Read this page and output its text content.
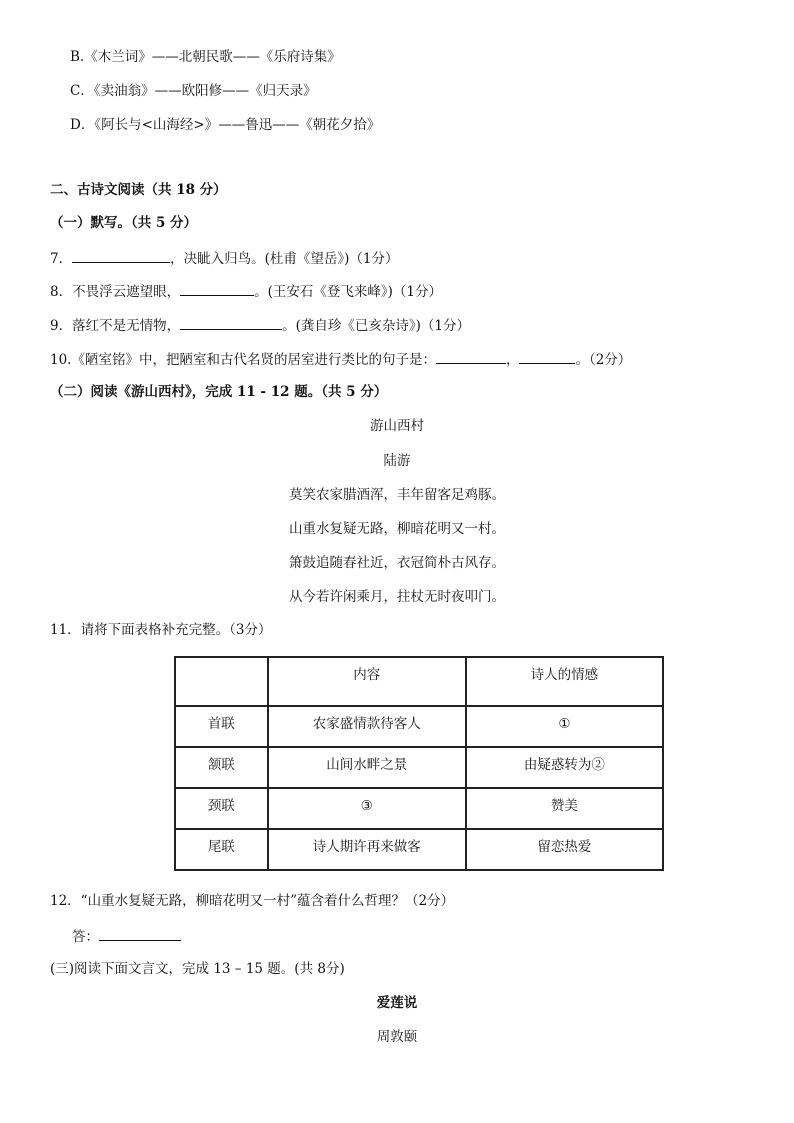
B.《木兰词》——北朝民歌——《乐府诗集》
C．《卖油翁》——欧阳修——《归天录》
D．《阿长与<山海经>》——鲁迅——《朝花夕拾》
二、古诗文阅读（共 18 分）
（一）默写。（共 5 分）
7．	，决眦入归鸟。(杜甫《望岳》)（1分）
8．不畏浮云遮望眼，	。(王安石《登飞来峰》)（1分）
9．落红不是无情物，	。(龚自珍《已亥杂诗》)（1分）
10.《陋室铭》中，把陋室和古代名贤的居室进行类比的句子是：	，	。（2分）
（二）阅读《游山西村》，完成 11 - 12 题。（共 5 分）
游山西村
陆游
莫笑农家腊酒浑，丰年留客足鸡豚。
山重水复疑无路，柳暗花明又一村。
箫鼓追随春社近，衣冠简朴古风存。
从今若许闲乘月，拄杖无时夜叩门。
11．请将下面表格补充完整。（3分）
	内容	诗人的情感
首联	农家盛情款待客人	①
颔联	山间水畔之景	由疑惑转为②
颈联	③	赞美
尾联	诗人期许再来做客	留恋热爱
12．“山重水复疑无路，柳暗花明又一村”蕴含着什么哲理？（2分）
答：
(三)阅读下面文言文，完成 13 – 15 题。(共 8分)
爱莲说
周敦颐
